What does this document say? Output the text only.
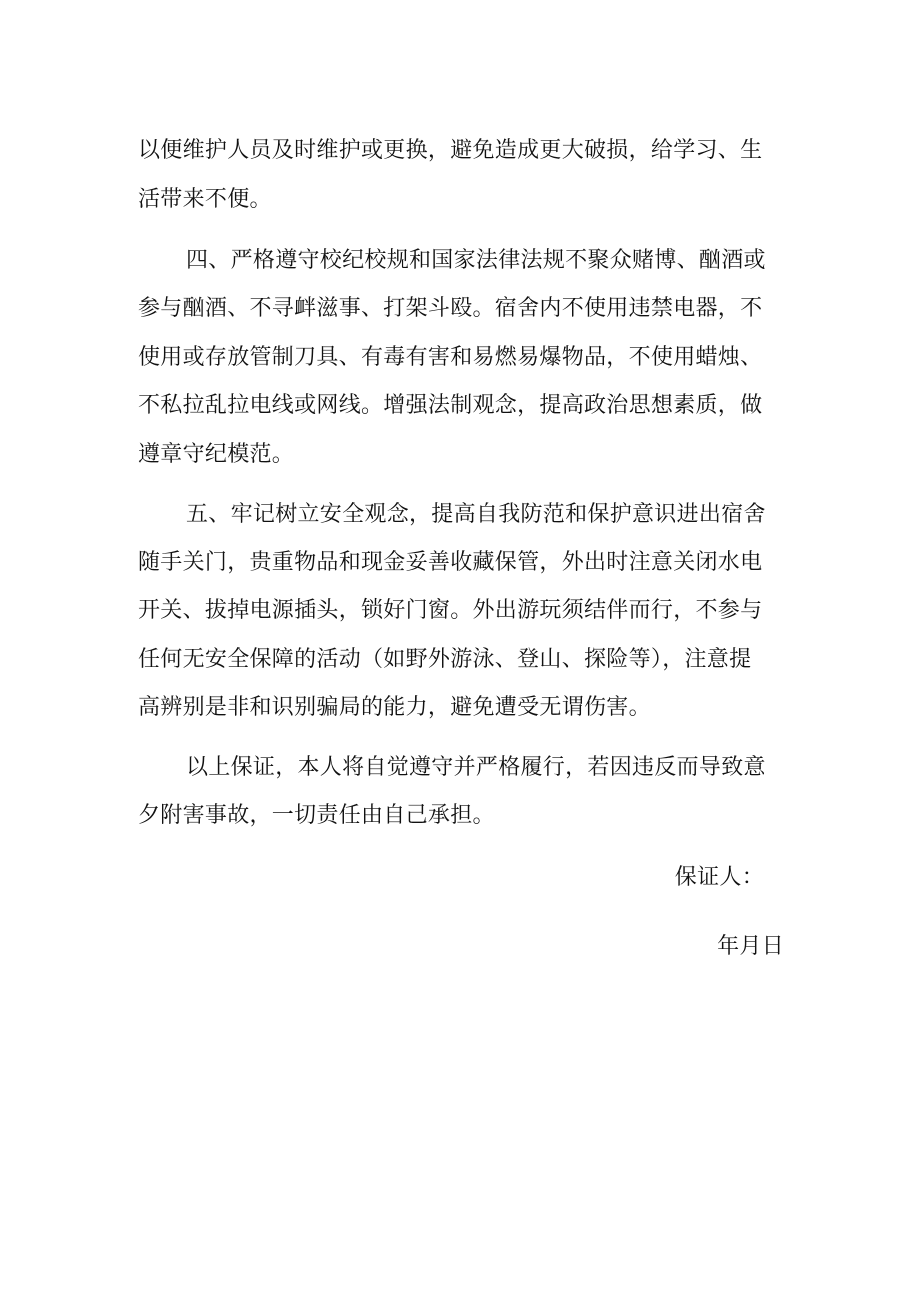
以便维护人员及时维护或更换，避免造成更大破损，给学习、生
活带来不便。
四、严格遵守校纪校规和国家法律法规不聚众赌博、酗酒或
参与酗酒、不寻衅滋事、打架斗殴。宿舍内不使用违禁电器，不
使用或存放管制刀具、有毒有害和易燃易爆物品，不使用蜡烛、
不私拉乱拉电线或网线。增强法制观念，提高政治思想素质，做
遵章守纪模范。
五、牢记树立安全观念，提高自我防范和保护意识进出宿舍
随手关门，贵重物品和现金妥善收藏保管，外出时注意关闭水电
开关、拔掉电源插头，锁好门窗。外出游玩须结伴而行，不参与
任何无安全保障的活动（如野外游泳、登山、探险等），注意提
高辨别是非和识别骗局的能力，避免遭受无谓伤害。
以上保证，本人将自觉遵守并严格履行，若因违反而导致意
夕附害事故，一切责任由自己承担。
保证人：
年月日
